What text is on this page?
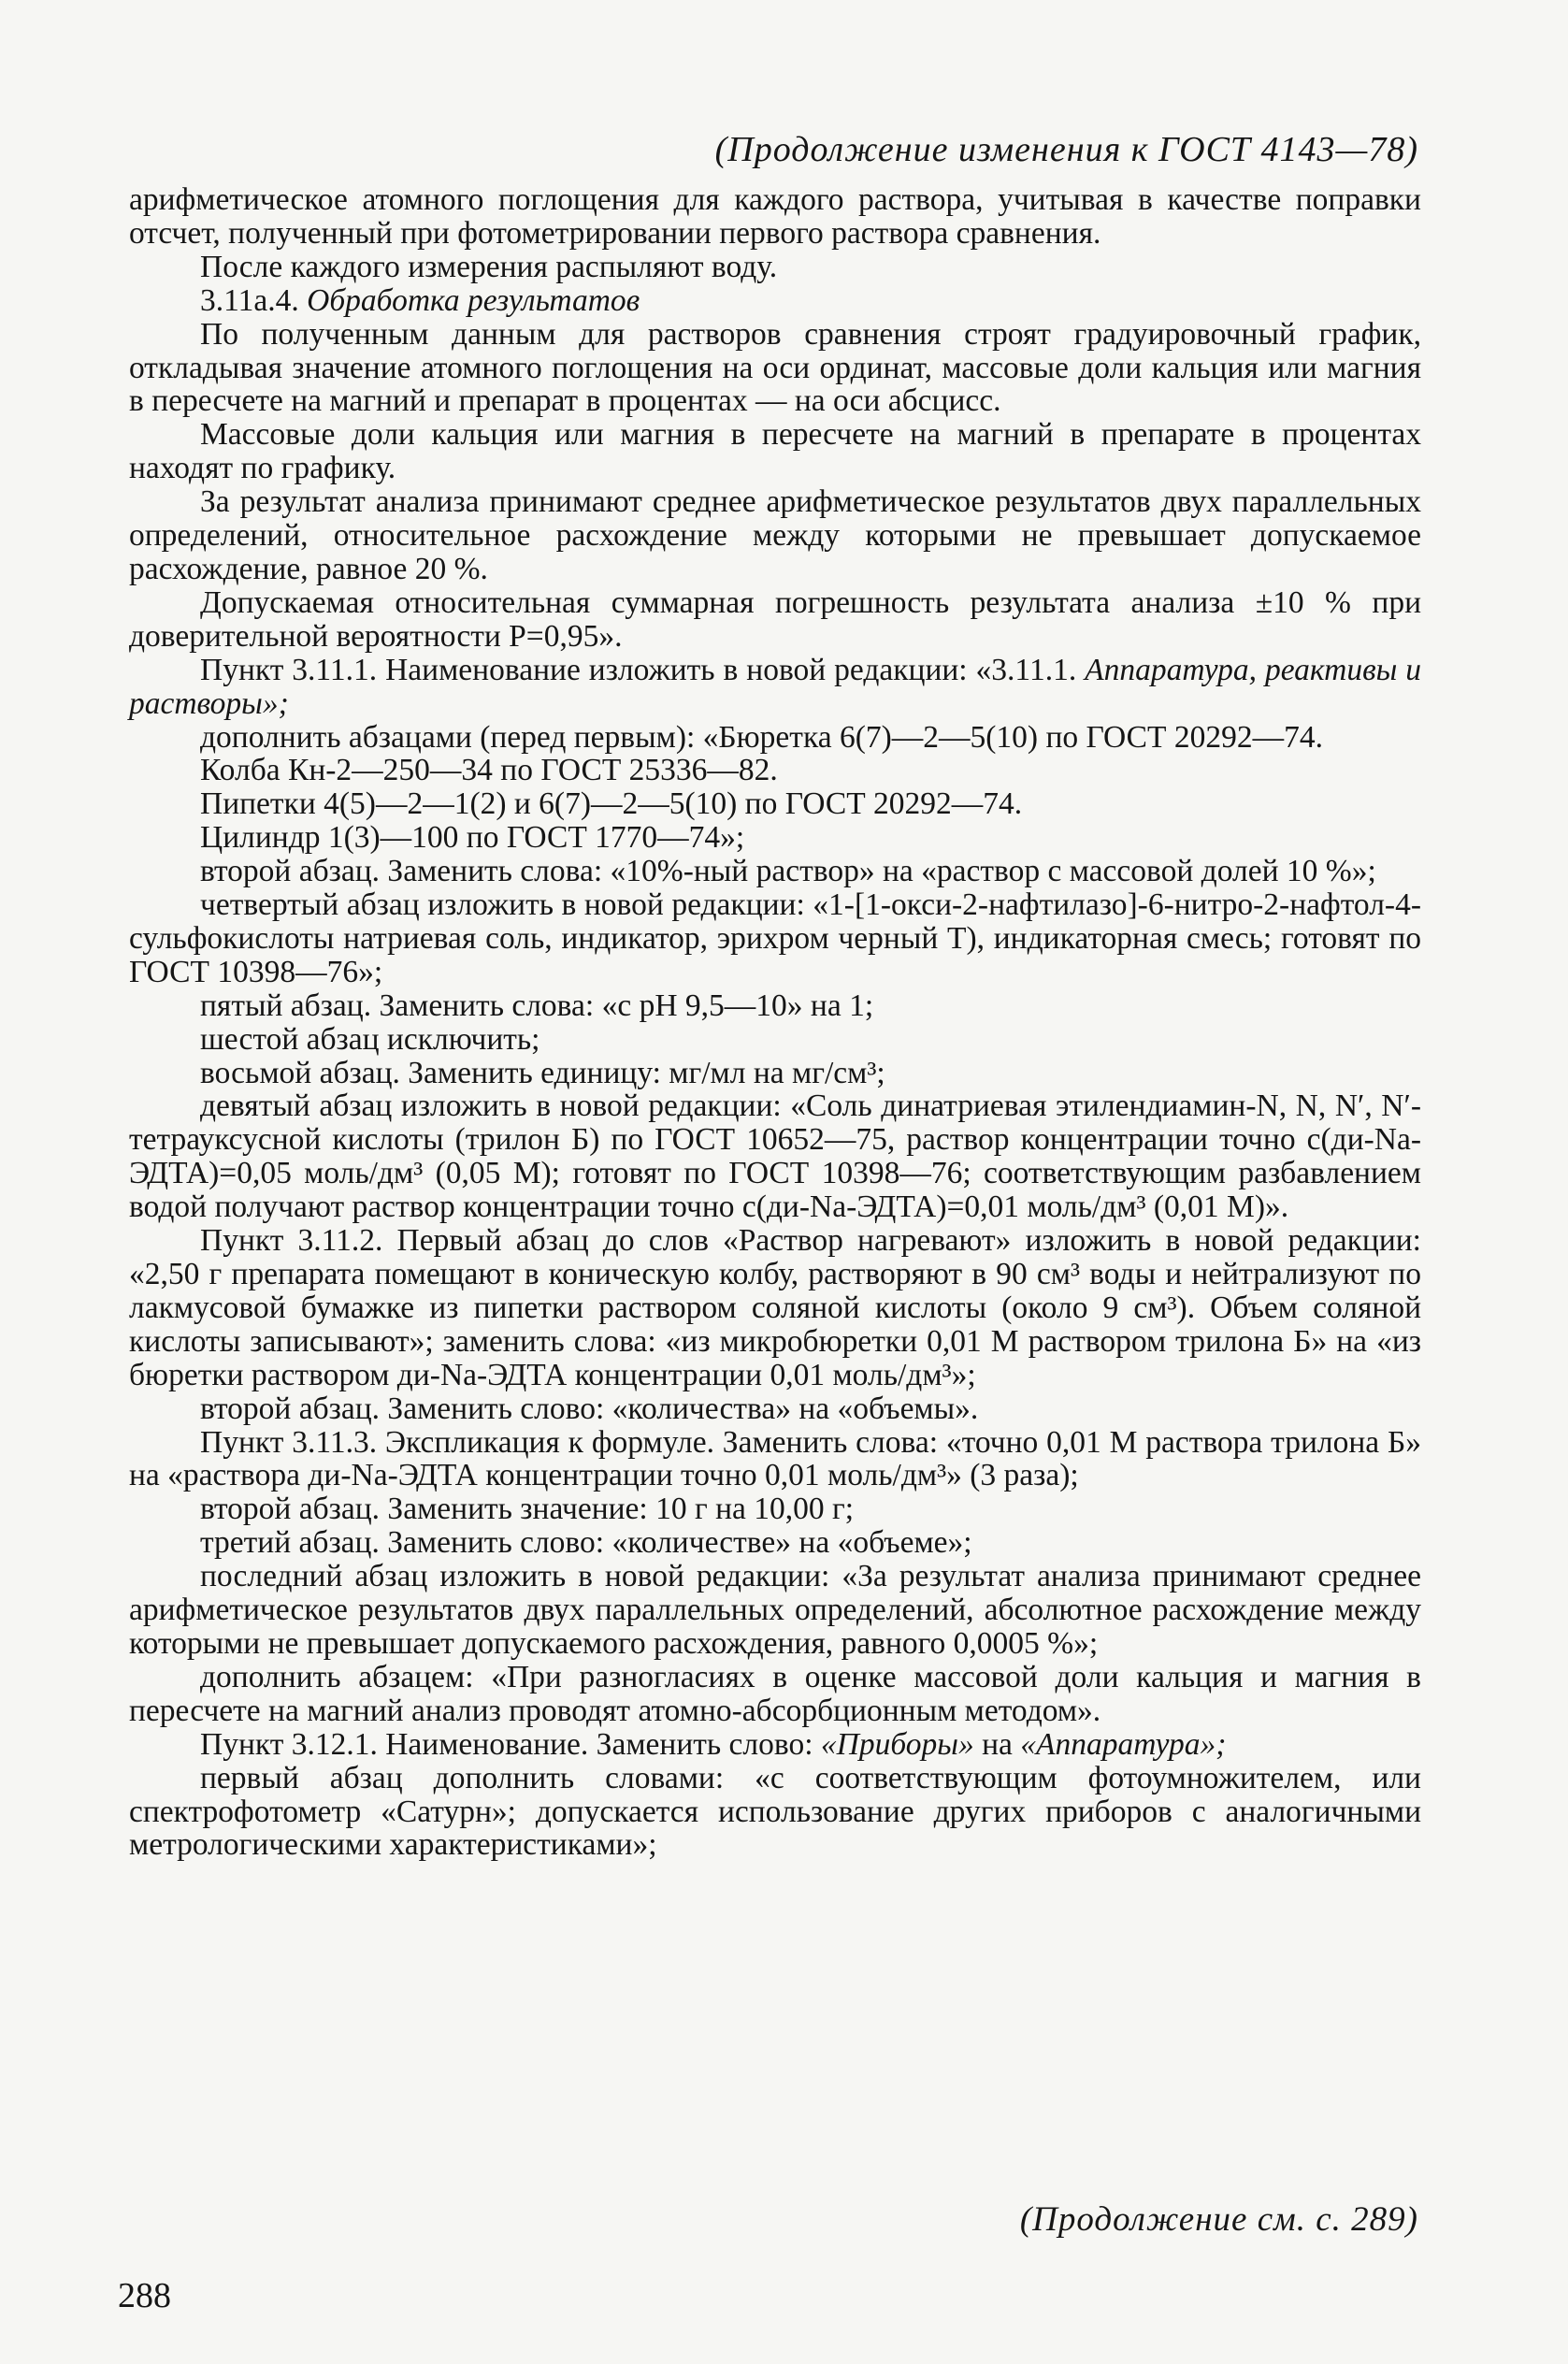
(Продолжение изменения к ГОСТ 4143—78)

арифметическое атомного поглощения для каждого раствора, учитывая в качестве поправки отсчет, полученный при фотометрировании первого раствора сравнения.

После каждого измерения распыляют воду.

3.11а.4. Обработка результатов

По полученным данным для растворов сравнения строят градуировочный график, откладывая значение атомного поглощения на оси ординат, массовые доли кальция или магния в пересчете на магний и препарат в процентах — на оси абсцисс.

Массовые доли кальция или магния в пересчете на магний в препарате в процентах находят по графику.

За результат анализа принимают среднее арифметическое результатов двух параллельных определений, относительное расхождение между которыми не превышает допускаемое расхождение, равное 20 %.

Допускаемая относительная суммарная погрешность результата анализа ±10 % при доверительной вероятности P=0,95».

Пункт 3.11.1. Наименование изложить в новой редакции: «3.11.1. Аппаратура, реактивы и растворы»;

дополнить абзацами (перед первым): «Бюретка 6(7)—2—5(10) по ГОСТ 20292—74.

Колба Кн-2—250—34 по ГОСТ 25336—82.

Пипетки 4(5)—2—1(2) и 6(7)—2—5(10) по ГОСТ 20292—74.

Цилиндр 1(3)—100 по ГОСТ 1770—74»;

второй абзац. Заменить слова: «10%-ный раствор» на «раствор с массовой долей 10 %»;

четвертый абзац изложить в новой редакции: «1-[1-окси-2-нафтилазо]-6-нитро-2-нафтол-4-сульфокислоты натриевая соль, индикатор, эрихром черный Т), индикаторная смесь; готовят по ГОСТ 10398—76»;

пятый абзац. Заменить слова: «с рН 9,5—10» на 1;

шестой абзац исключить;

восьмой абзац. Заменить единицу: мг/мл на мг/см³;

девятый абзац изложить в новой редакции: «Соль динатриевая этилендиамин-N, N, N′, N′-тетрауксусной кислоты (трилон Б) по ГОСТ 10652—75, раствор концентрации точно c(ди-Na-ЭДТА)=0,05 моль/дм³ (0,05 М); готовят по ГОСТ 10398—76; соответствующим разбавлением водой получают раствор концентрации точно c(ди-Na-ЭДТА)=0,01 моль/дм³ (0,01 М)».

Пункт 3.11.2. Первый абзац до слов «Раствор нагревают» изложить в новой редакции: «2,50 г препарата помещают в коническую колбу, растворяют в 90 см³ воды и нейтрализуют по лакмусовой бумажке из пипетки раствором соляной кислоты (около 9 см³). Объем соляной кислоты записывают»; заменить слова: «из микробюретки 0,01 М раствором трилона Б» на «из бюретки раствором ди-Na-ЭДТА концентрации 0,01 моль/дм³»;

второй абзац. Заменить слово: «количества» на «объемы».

Пункт 3.11.3. Экспликация к формуле. Заменить слова: «точно 0,01 М раствора трилона Б» на «раствора ди-Na-ЭДТА концентрации точно 0,01 моль/дм³» (3 раза);

второй абзац. Заменить значение: 10 г на 10,00 г;

третий абзац. Заменить слово: «количестве» на «объеме»;

последний абзац изложить в новой редакции: «За результат анализа принимают среднее арифметическое результатов двух параллельных определений, абсолютное расхождение между которыми не превышает допускаемого расхождения, равного 0,0005 %»;

дополнить абзацем: «При разногласиях в оценке массовой доли кальция и магния в пересчете на магний анализ проводят атомно-абсорбционным методом».

Пункт 3.12.1. Наименование. Заменить слово: «Приборы» на «Аппаратура»;

первый абзац дополнить словами: «с соответствующим фотоумножителем, или спектрофотометр «Сатурн»; допускается использование других приборов с аналогичными метрологическими характеристиками»;

(Продолжение см. с. 289)
288
